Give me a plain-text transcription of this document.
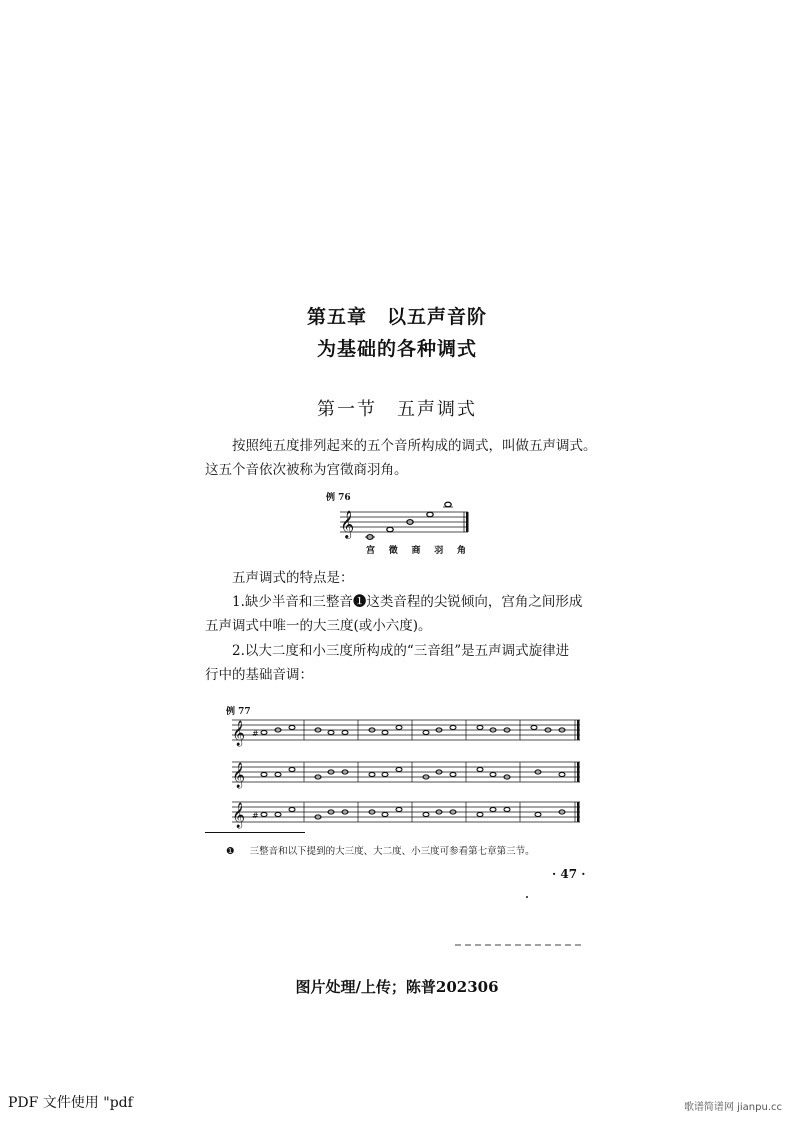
第五章　以五声音阶
为基础的各种调式
第一节　五声调式
按照纯五度排列起来的五个音所构成的调式，叫做五声调式。
这五个音依次被称为宫徵商羽角。
例 76
𝄞
宫 徵 商 羽 角
五声调式的特点是：
1.缺少半音和三整音❶这类音程的尖锐倾向，宫角之间形成
五声调式中唯一的大三度(或小六度)。
2.以大二度和小三度所构成的“三音组”是五声调式旋律进
行中的基础音调：
例 77
𝄞
𝄞
𝄞 #
#
❶ 三整音和以下提到的大三度、大二度、小三度可参看第七章第三节。
· 47 ·
图片处理/上传；陈普202306
PDF 文件使用 "pdf	歌谱简谱网 jianpu.cc
